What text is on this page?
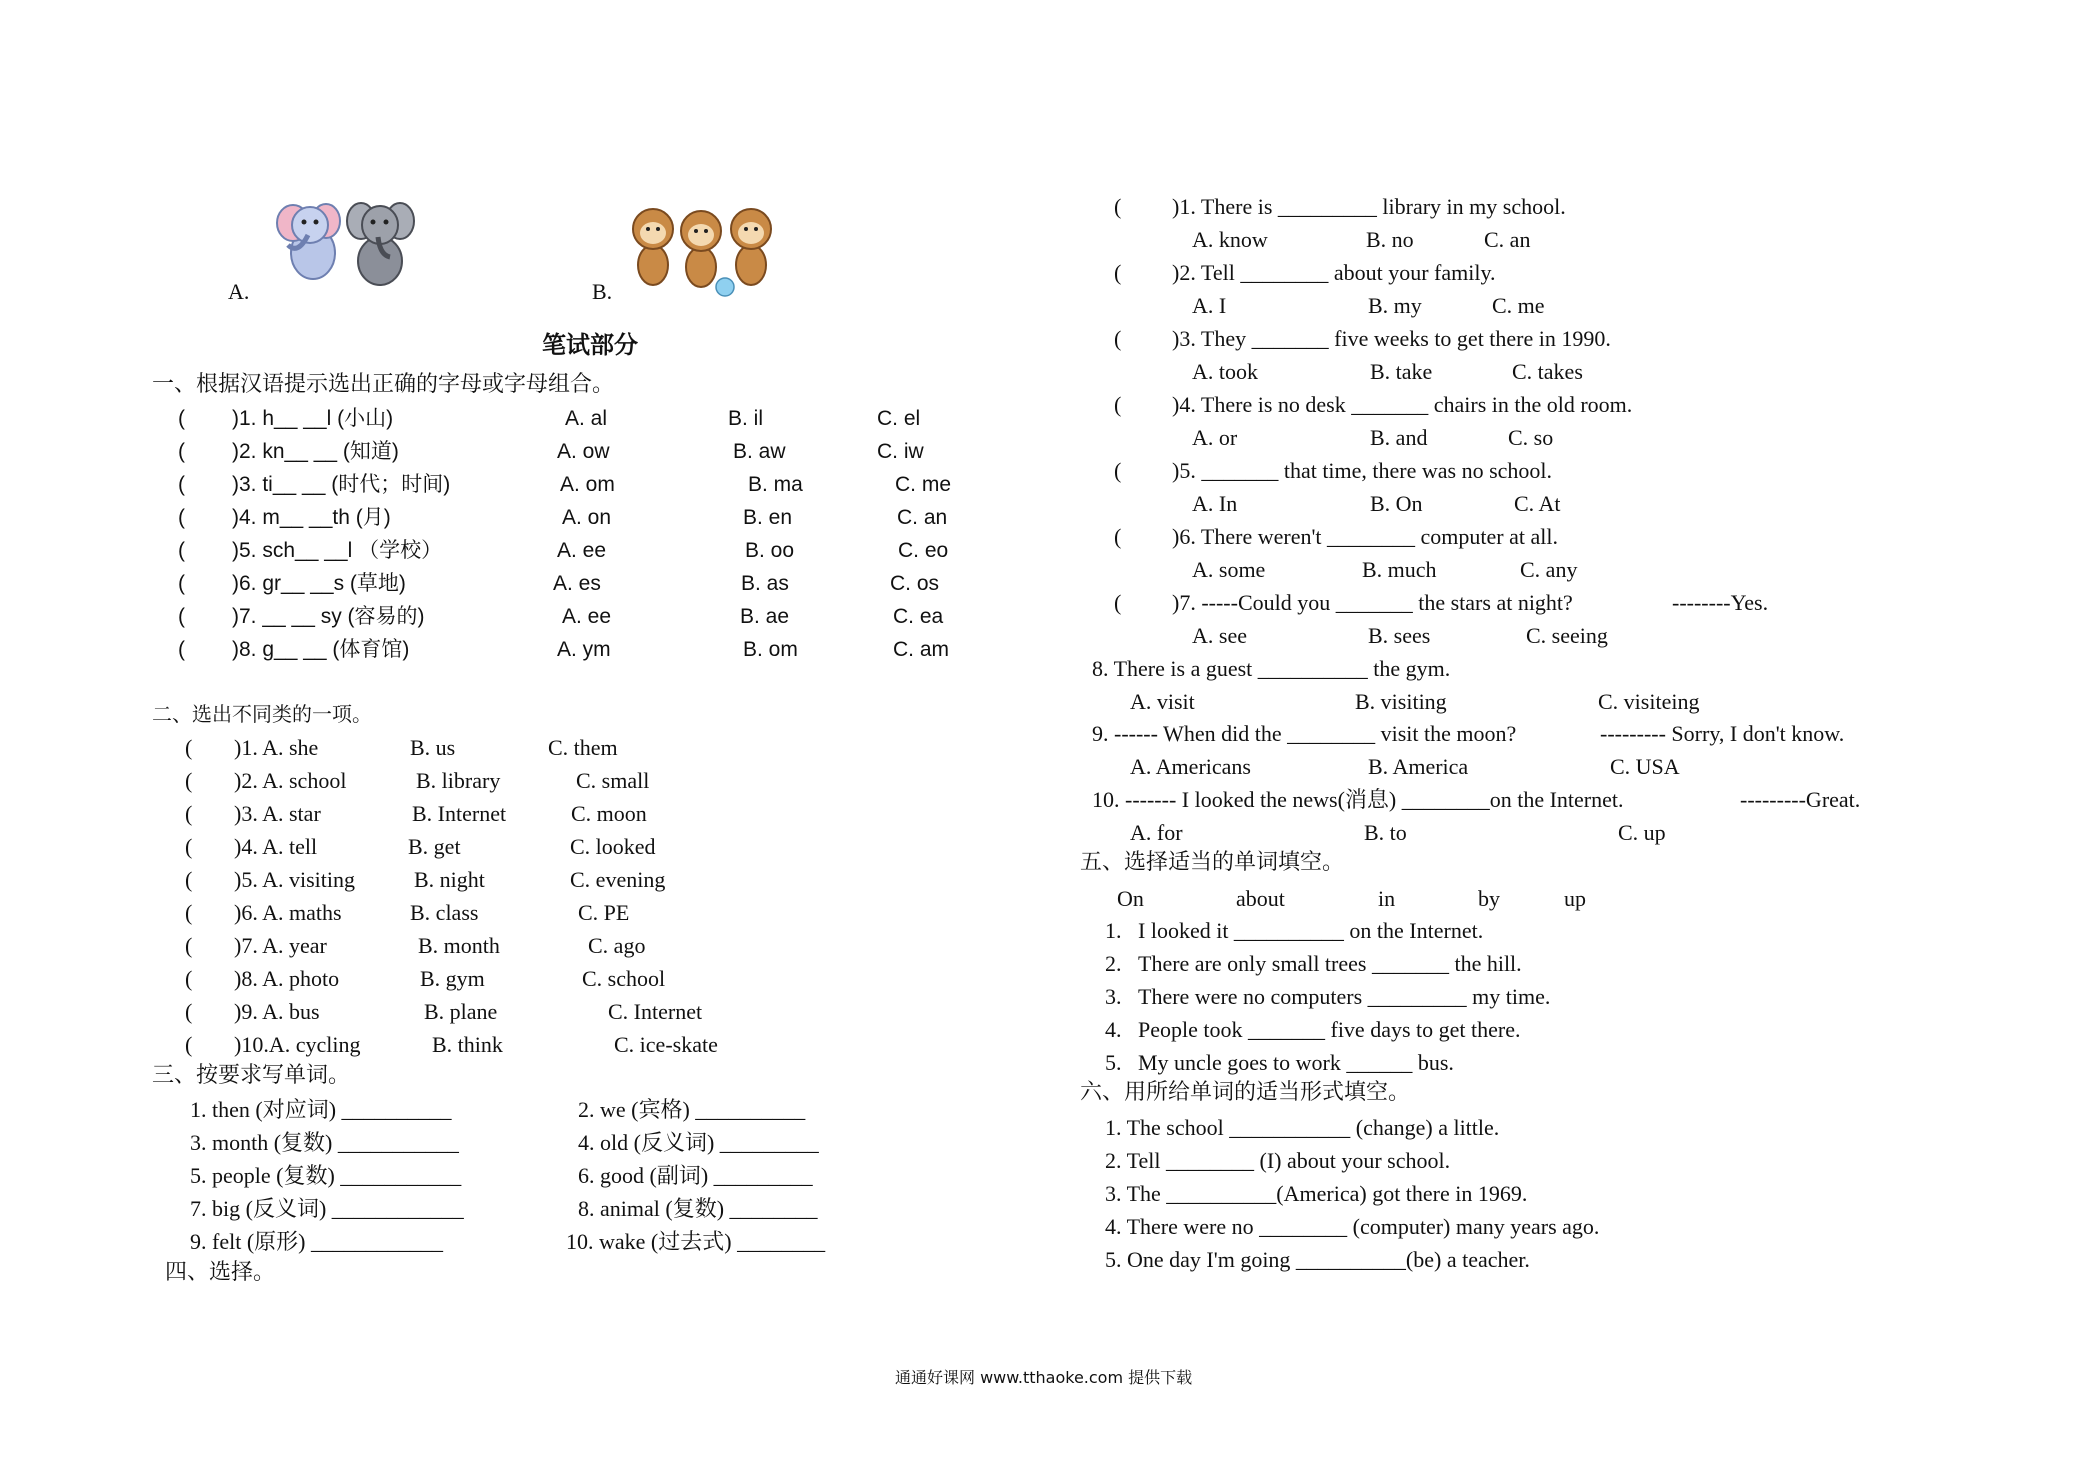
A.	B.
笔试部分
一、根据汉语提示选出正确的字母或字母组合。
( )1. h__ __l (小山)	A. al	B. il	C. el
( )2. kn__ __ (知道)	A. ow	B. aw	C. iw
( )3. ti__ __ (时代；时间)	A. om	B. ma	C. me
( )4. m__ __th (月)	A. on	B. en	C. an
( )5. sch__ __l （学校）	A. ee	B. oo	C. eo
( )6. gr__ __s (草地)	A. es	B. as	C. os
( )7. __ __ sy (容易的)	A. ee	B. ae	C. ea
( )8. g__ __ (体育馆)	A. ym	B. om	C. am
二、选出不同类的一项。
( )1. A. she	B. us	C. them
( )2. A. school	B. library	C. small
( )3. A. star	B. Internet	C. moon
( )4. A. tell	B. get	C. looked
( )5. A. visiting	B. night	C. evening
( )6. A. maths	B. class	C. PE
( )7. A. year	B. month	C. ago
( )8. A. photo	B. gym	C. school
( )9. A. bus	B. plane	C. Internet
( )10.A. cycling	B. think	C. ice-skate
三、按要求写单词。
1. then (对应词) __________	2. we (宾格) __________
3. month (复数) ___________	4. old (反义词) _________
5. people (复数) ___________	6. good (副词) _________
7. big (反义词) ____________	8. animal (复数) ________
9. felt (原形) ____________	10. wake (过去式) ________
四、选择。
( )1. There is _________ library in my school.
A. know	B. no	C. an
( )2. Tell ________ about your family.
A. I	B. my	C. me
( )3. They _______ five weeks to get there in 1990.
A. took	B. take	C. takes
( )4. There is no desk _______ chairs in the old room.
A. or	B. and	C. so
( )5. _______ that time, there was no school.
A. In	B. On	C. At
( )6. There weren't ________ computer at all.
A. some	B. much	C. any
( )7. -----Could you _______ the stars at night?	--------Yes.
A. see	B. sees	C. seeing
8. There is a guest __________ the gym.
A. visit	B. visiting	C. visiteing
9. ------ When did the ________ visit the moon?	--------- Sorry, I don't know.
A. Americans	B. America	C. USA
10. ------- I looked the news(消息) ________on the Internet.	---------Great.
A. for	B. to	C. up
五、选择适当的单词填空。
On	about	in	by	up
1.   I looked it __________ on the Internet.
2.   There are only small trees _______ the hill.
3.   There were no computers _________ my time.
4.   People took _______ five days to get there.
5.   My uncle goes to work ______ bus.
六、用所给单词的适当形式填空。
1. The school ___________ (change) a little.
2. Tell ________ (I) about your school.
3. The __________(America) got there in 1969.
4. There were no ________ (computer) many years ago.
5. One day I'm going __________(be) a teacher.
通通好课网 www.tthaoke.com 提供下载
